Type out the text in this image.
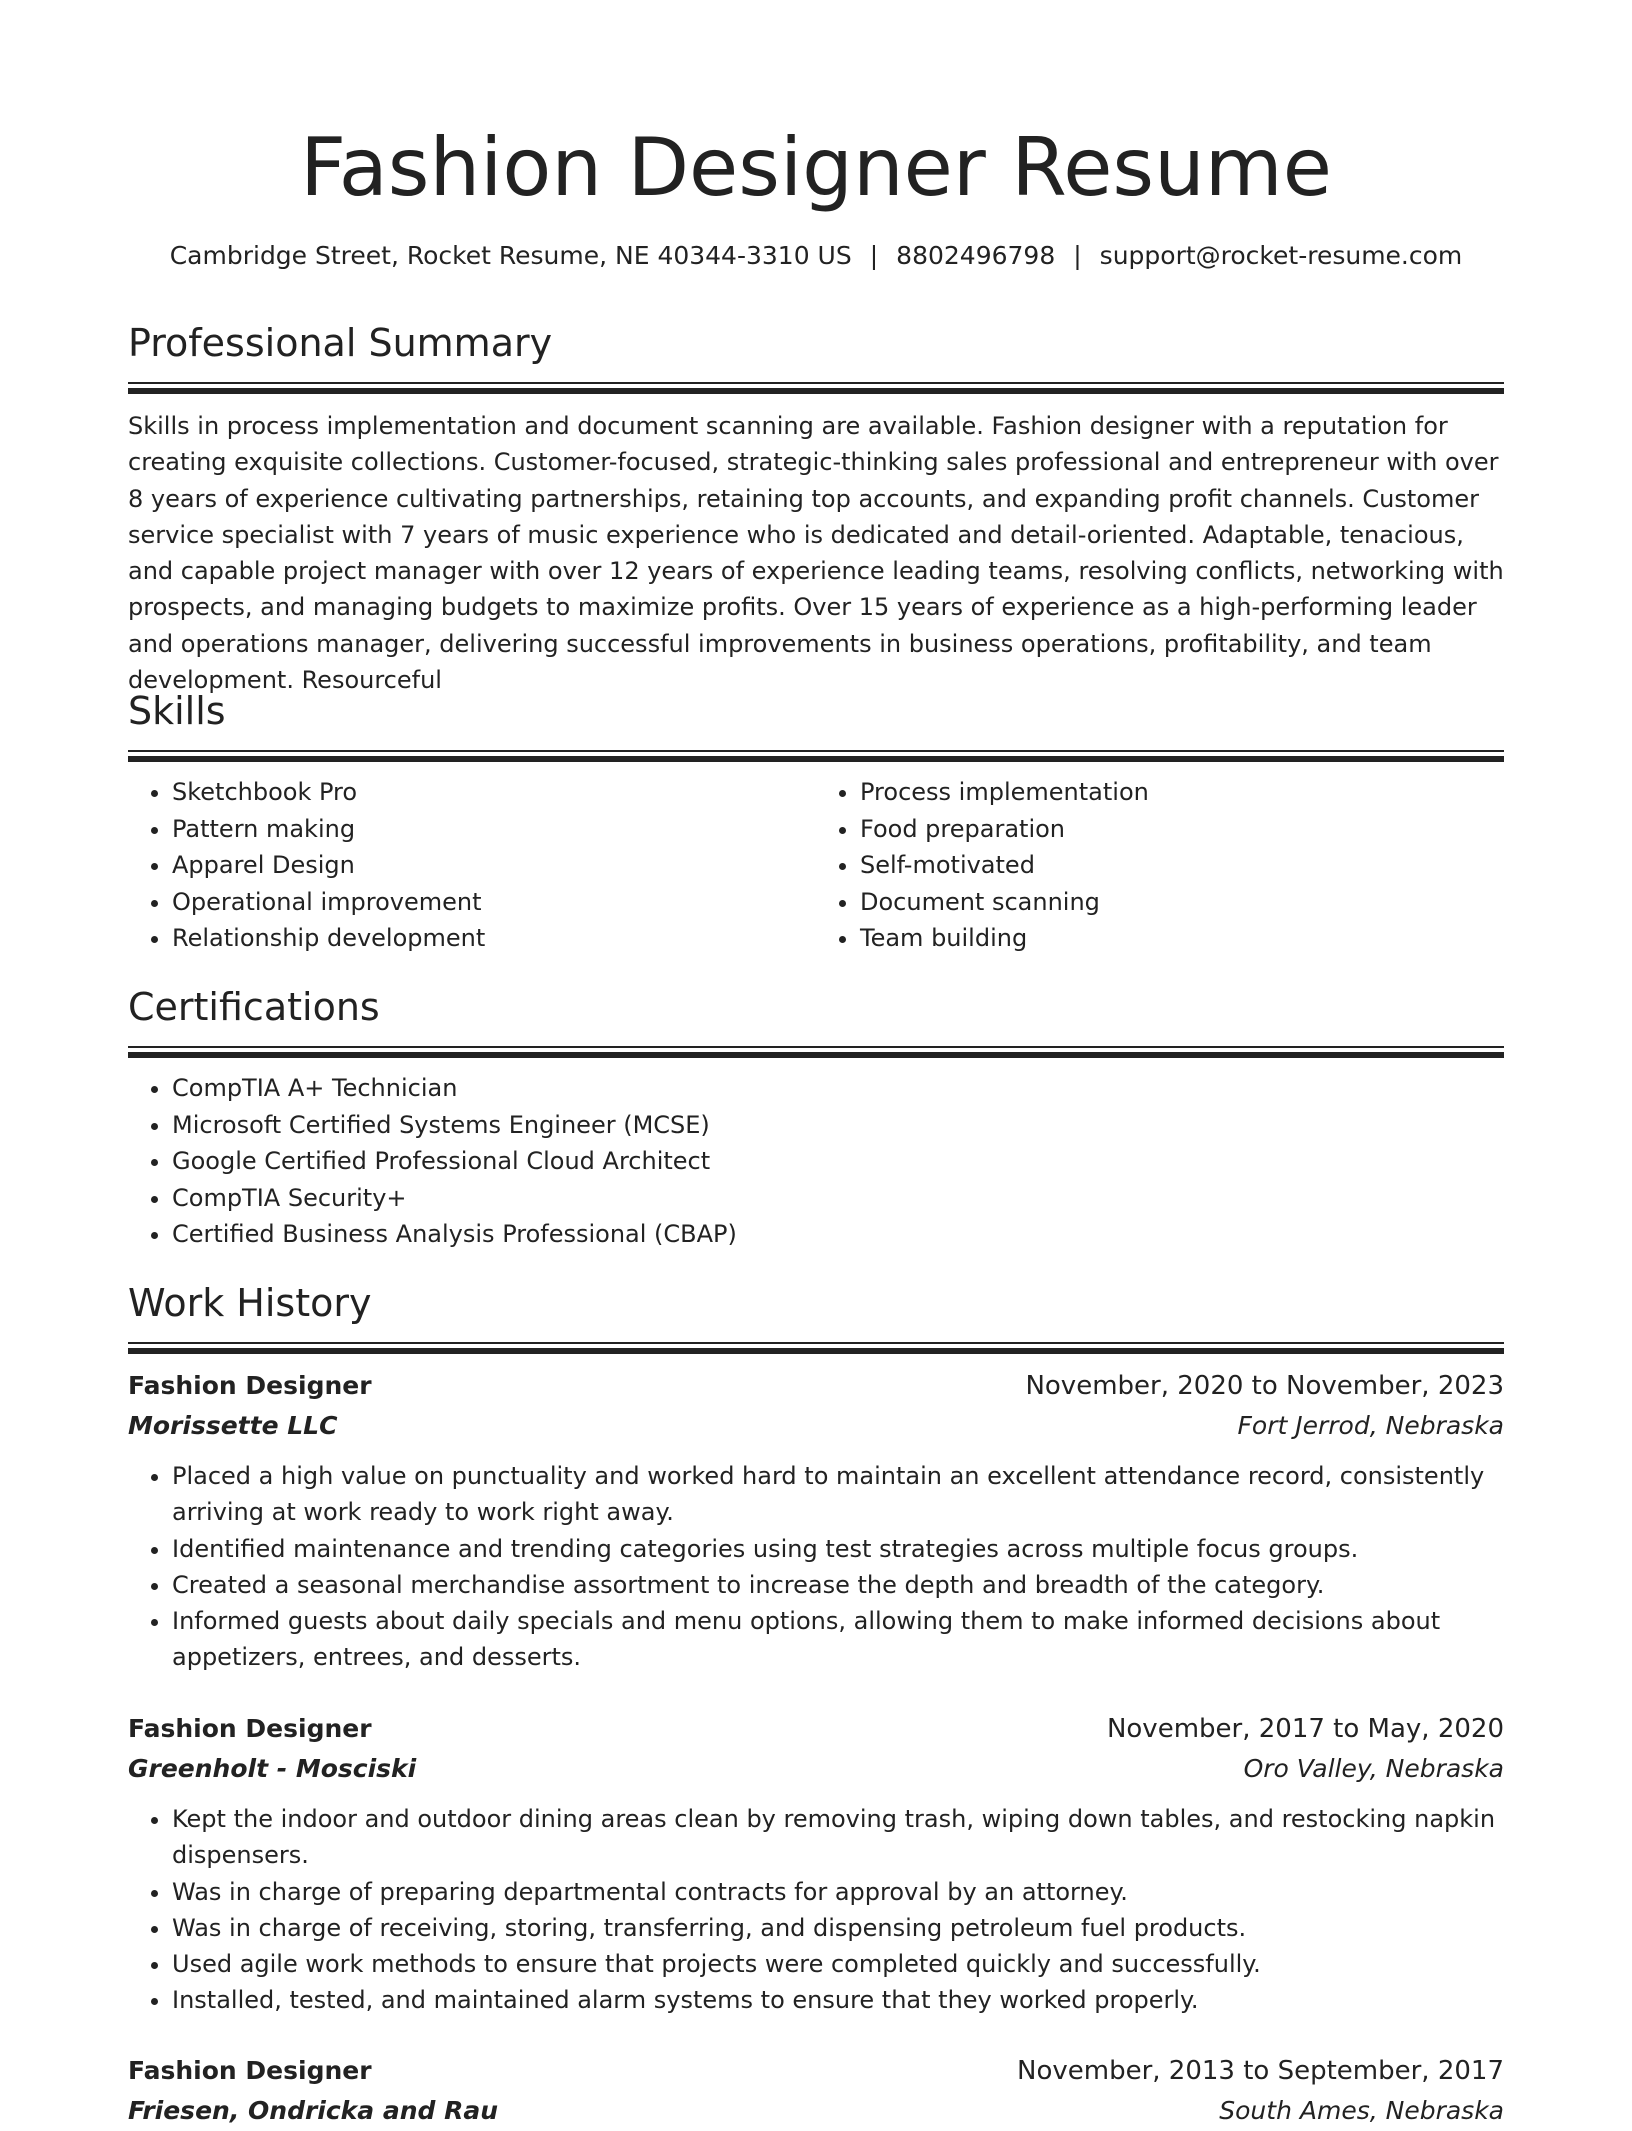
Fashion Designer Resume
Cambridge Street, Rocket Resume, NE 40344-3310 US | 8802496798 | support@rocket-resume.com
Professional Summary
Skills in process implementation and document scanning are available. Fashion designer with a reputation for creating exquisite collections. Customer-focused, strategic-thinking sales professional and entrepreneur with over 8 years of experience cultivating partnerships, retaining top accounts, and expanding profit channels. Customer service specialist with 7 years of music experience who is dedicated and detail-oriented. Adaptable, tenacious, and capable project manager with over 12 years of experience leading teams, resolving conflicts, networking with prospects, and managing budgets to maximize profits. Over 15 years of experience as a high-performing leader and operations manager, delivering successful improvements in business operations, profitability, and team development. Resourceful
Skills
• Sketchbook Pro
• Pattern making
• Apparel Design
• Operational improvement
• Relationship development
• Process implementation
• Food preparation
• Self-motivated
• Document scanning
• Team building
Certifications
• CompTIA A+ Technician
• Microsoft Certified Systems Engineer (MCSE)
• Google Certified Professional Cloud Architect
• CompTIA Security+
• Certified Business Analysis Professional (CBAP)
Work History
Fashion Designer	November, 2020 to November, 2023
Morissette LLC	Fort Jerrod, Nebraska
• Placed a high value on punctuality and worked hard to maintain an excellent attendance record, consistently arriving at work ready to work right away.
• Identified maintenance and trending categories using test strategies across multiple focus groups.
• Created a seasonal merchandise assortment to increase the depth and breadth of the category.
• Informed guests about daily specials and menu options, allowing them to make informed decisions about appetizers, entrees, and desserts.
Fashion Designer	November, 2017 to May, 2020
Greenholt - Mosciski	Oro Valley, Nebraska
• Kept the indoor and outdoor dining areas clean by removing trash, wiping down tables, and restocking napkin dispensers.
• Was in charge of preparing departmental contracts for approval by an attorney.
• Was in charge of receiving, storing, transferring, and dispensing petroleum fuel products.
• Used agile work methods to ensure that projects were completed quickly and successfully.
• Installed, tested, and maintained alarm systems to ensure that they worked properly.
Fashion Designer	November, 2013 to September, 2017
Friesen, Ondricka and Rau	South Ames, Nebraska
